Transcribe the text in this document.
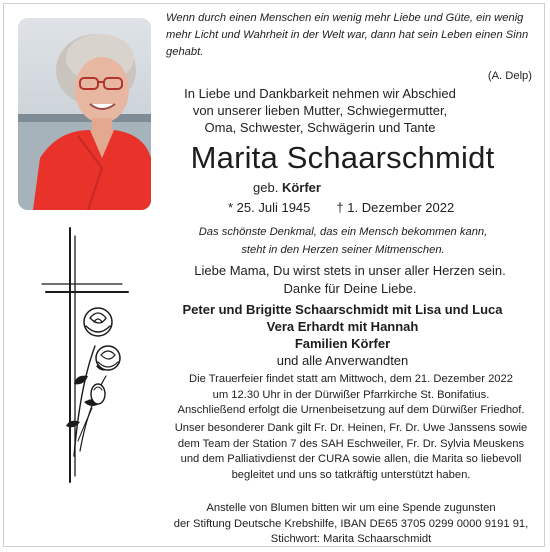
Wenn durch einen Menschen ein wenig mehr Liebe und Güte, ein wenig
mehr Licht und Wahrheit in der Welt war, dann hat sein Leben einen Sinn
gehabt.
(A. Delp)
In Liebe und Dankbarkeit nehmen wir Abschied
von unserer lieben Mutter, Schwiegermutter,
Oma, Schwester, Schwägerin und Tante
Marita Schaarschmidt
geb. Körfer
* 25. Juli 1945 † 1. Dezember 2022
Das schönste Denkmal, das ein Mensch bekommen kann,
steht in den Herzen seiner Mitmenschen.
Liebe Mama, Du wirst stets in unser aller Herzen sein.
Danke für Deine Liebe.
Peter und Brigitte Schaarschmidt mit Lisa und Luca
Vera Erhardt mit Hannah
Familien Körfer
und alle Anverwandten
Die Trauerfeier findet statt am Mittwoch, dem 21. Dezember 2022
um 12.30 Uhr in der Dürwißer Pfarrkirche St. Bonifatius.
Anschließend erfolgt die Urnenbeisetzung auf dem Dürwißer Friedhof.
Unser besonderer Dank gilt Fr. Dr. Heinen, Fr. Dr. Uwe Janssens sowie
dem Team der Station 7 des SAH Eschweiler, Fr. Dr. Sylvia Meuskens
und dem Palliativdienst der CURA sowie allen, die Marita so liebevoll
begleitet und uns so tatkräftig unterstützt haben.
Anstelle von Blumen bitten wir um eine Spende zugunsten
der Stiftung Deutsche Krebshilfe, IBAN DE65 3705 0299 0000 9191 91,
Stichwort: Marita Schaarschmidt
